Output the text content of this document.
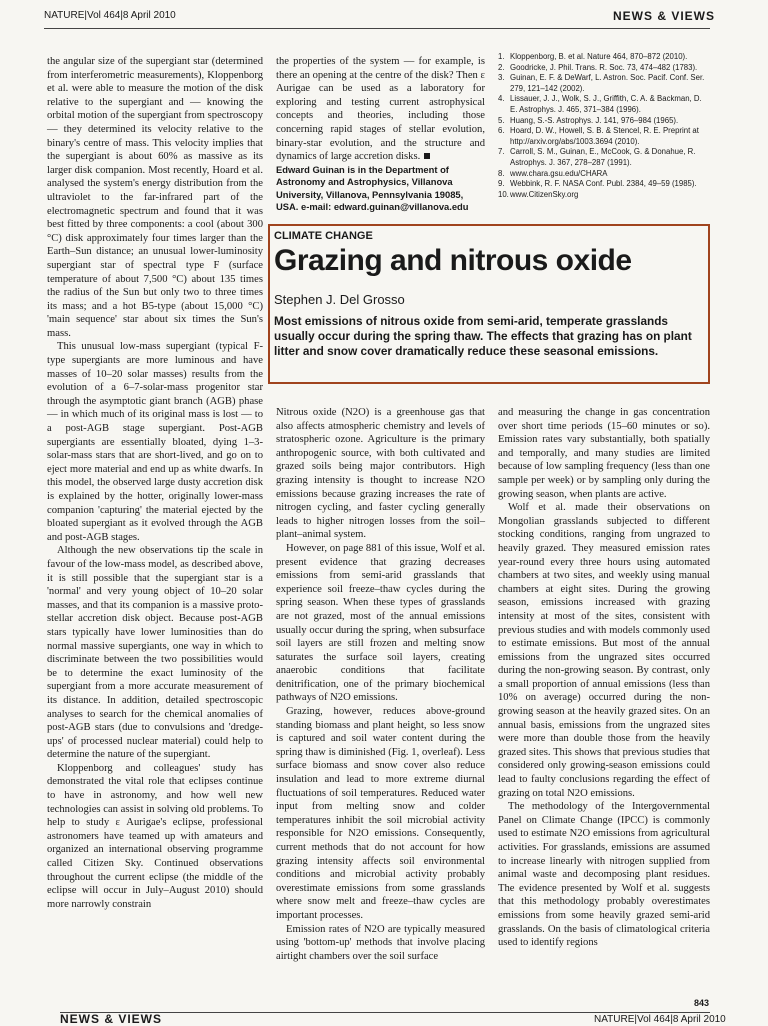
NATURE|Vol 464|8 April 2010	NEWS & VIEWS

the angular size of the supergiant star (determined from interferometric measurements), Kloppenborg et al. were able to measure the motion of the disk relative to the supergiant and — knowing the orbital motion of the supergiant from spectroscopy — they determined its velocity relative to the binary's centre of mass. This velocity implies that the supergiant is about 60% as massive as its larger disk companion. Most recently, Hoard et al. analysed the system's energy distribution from the ultraviolet to the far-infrared part of the electromagnetic spectrum and found that it was best fitted by three components: a cool (about 300 °C) disk approximately four times larger than the Earth–Sun distance; an unusual lower-luminosity supergiant star of spectral type F (surface temperature of about 7,500 °C) about 135 times the radius of the Sun but only two to three times its mass; and a hot B5-type (about 15,000 °C) 'main sequence' star about six times the Sun's mass.

This unusual low-mass supergiant (typical F-type supergiants are more luminous and have masses of 10–20 solar masses) results from the evolution of a 6–7-solar-mass progenitor star through the asymptotic giant branch (AGB) phase — in which much of its original mass is lost — to a post-AGB stage supergiant. Post-AGB supergiants are essentially bloated, dying 1–3-solar-mass stars that are short-lived, and go on to eject more material and end up as white dwarfs. In this model, the observed large dusty accretion disk is explained by the hotter, originally lower-mass companion 'capturing' the material ejected by the bloated supergiant as it evolved through the AGB and post-AGB stages.

Although the new observations tip the scale in favour of the low-mass model, as described above, it is still possible that the supergiant star is a 'normal' and very young object of 10–20 solar masses, and that its companion is a massive proto-stellar accretion disk object. Because post-AGB stars typically have lower luminosities than do normal massive supergiants, one way in which to discriminate between the two possibilities would be to determine the exact luminosity of the supergiant from a more accurate measurement of its distance. In addition, detailed spectroscopic analyses to search for the chemical anomalies of post-AGB stars (due to convulsions and 'dredge-ups' of processed nuclear material) could help to determine the nature of the supergiant.

Kloppenborg and colleagues' study has demonstrated the vital role that eclipses continue to have in astronomy, and how well new technologies can assist in solving old problems. To help to study ε Aurigae's eclipse, professional astronomers have teamed up with amateurs and organized an international observing programme called Citizen Sky. Continued observations throughout the current eclipse (the middle of the eclipse will occur in July–August 2010) should more narrowly constrain

the properties of the system — for example, is there an opening at the centre of the disk? Then ε Aurigae can be used as a laboratory for exploring and testing current astrophysical concepts and theories, including those concerning rapid stages of stellar evolution, binary-star evolution, and the structure and dynamics of large accretion disks.

Edward Guinan is in the Department of Astronomy and Astrophysics, Villanova University, Villanova, Pennsylvania 19085, USA. e-mail: edward.guinan@villanova.edu

1. Kloppenborg, B. et al. Nature 464, 870–872 (2010).
2. Goodricke, J. Phil. Trans. R. Soc. 73, 474–482 (1783).
3. Guinan, E. F. & DeWarf, L. Astron. Soc. Pacif. Conf. Ser. 279, 121–142 (2002).
4. Lissauer, J. J., Wolk, S. J., Griffith, C. A. & Backman, D. E. Astrophys. J. 465, 371–384 (1996).
5. Huang, S.-S. Astrophys. J. 141, 976–984 (1965).
6. Hoard, D. W., Howell, S. B. & Stencel, R. E. Preprint at http://arxiv.org/abs/1003.3694 (2010).
7. Carroll, S. M., Guinan, E., McCook, G. & Donahue, R. Astrophys. J. 367, 278–287 (1991).
8. www.chara.gsu.edu/CHARA
9. Webbink, R. F. NASA Conf. Publ. 2384, 49–59 (1985).
10. www.CitizenSky.org
CLIMATE CHANGE
Grazing and nitrous oxide
Stephen J. Del Grosso
Most emissions of nitrous oxide from semi-arid, temperate grasslands usually occur during the spring thaw. The effects that grazing has on plant litter and snow cover dramatically reduce these seasonal emissions.

Nitrous oxide (N2O) is a greenhouse gas that also affects atmospheric chemistry and levels of stratospheric ozone. Agriculture is the primary anthropogenic source, with both cultivated and grazed soils being major contributors. High grazing intensity is thought to increase N2O emissions because grazing increases the rate of nitrogen cycling, and faster cycling generally leads to higher nitrogen losses from the soil–plant–animal system.

However, on page 881 of this issue, Wolf et al. present evidence that grazing decreases emissions from semi-arid grasslands that experience soil freeze–thaw cycles during the spring season. When these types of grasslands are not grazed, most of the annual emissions usually occur during the spring, when subsurface soil layers are still frozen and melting snow saturates the surface soil layers, creating anaerobic conditions that facilitate denitrification, one of the primary biochemical pathways of N2O emissions.

Grazing, however, reduces above-ground standing biomass and plant height, so less snow is captured and soil water content during the spring thaw is diminished (Fig. 1, overleaf). Less surface biomass and snow cover also reduce insulation and lead to more extreme diurnal fluctuations of soil temperatures. Reduced water input from melting snow and colder temperatures inhibit the soil microbial activity responsible for N2O emissions. Consequently, current methods that do not account for how grazing intensity affects soil environmental conditions and microbial activity probably overestimate emissions from some grasslands where snow melt and freeze–thaw cycles are important processes.

Emission rates of N2O are typically measured using 'bottom-up' methods that involve placing airtight chambers over the soil surface

and measuring the change in gas concentration over short time periods (15–60 minutes or so). Emission rates vary substantially, both spatially and temporally, and many studies are limited because of low sampling frequency (less than one sample per week) or by sampling only during the growing season, when plants are active.

Wolf et al. made their observations on Mongolian grasslands subjected to different stocking conditions, ranging from ungrazed to heavily grazed. They measured emission rates year-round every three hours using automated chambers at two sites, and weekly using manual chambers at eight sites. During the growing season, emissions increased with grazing intensity at most of the sites, consistent with previous studies and with models commonly used to estimate emissions. But most of the annual emissions from the ungrazed sites occurred during the non-growing season. By contrast, only a small proportion of annual emissions (less than 10% on average) occurred during the non-growing season at the heavily grazed sites. On an annual basis, emissions from the ungrazed sites were more than double those from the heavily grazed sites. This shows that previous studies that considered only growing-season emissions could lead to faulty conclusions regarding the effect of grazing on total N2O emissions.

The methodology of the Intergovernmental Panel on Climate Change (IPCC) is commonly used to estimate N2O emissions from agricultural activities. For grasslands, emissions are assumed to increase linearly with nitrogen supplied from animal waste and decomposing plant residues. The evidence presented by Wolf et al. suggests that this methodology probably overestimates emissions from some heavily grazed semi-arid grasslands. On the basis of climatological criteria used to identify regions

843
NEWS & VIEWS	NATURE|Vol 464|8 April 2010
